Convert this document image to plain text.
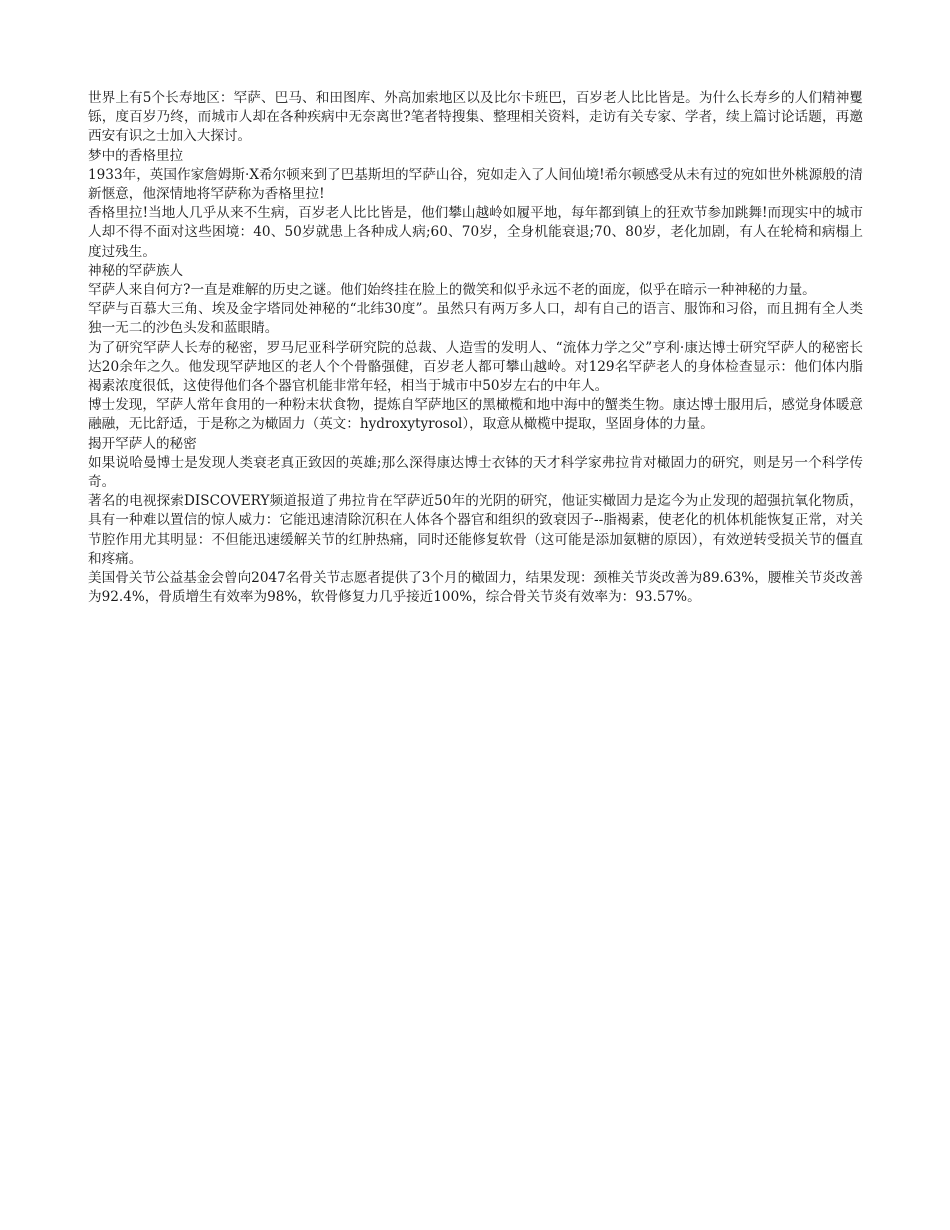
世界上有5个长寿地区：罕萨、巴马、和田图库、外高加索地区以及比尔卡班巴，百岁老人比比皆是。为什么长寿乡的人们精神矍铄，度百岁乃终，而城市人却在各种疾病中无奈离世?笔者特搜集、整理相关资料，走访有关专家、学者，续上篇讨论话题，再邀西安有识之士加入大探讨。

梦中的香格里拉

1933年，英国作家詹姆斯·X希尔顿来到了巴基斯坦的罕萨山谷，宛如走入了人间仙境!希尔顿感受从未有过的宛如世外桃源般的清新惬意，他深情地将罕萨称为香格里拉!

香格里拉!当地人几乎从来不生病，百岁老人比比皆是，他们攀山越岭如履平地，每年都到镇上的狂欢节参加跳舞!而现实中的城市人却不得不面对这些困境：40、50岁就患上各种成人病;60、70岁，全身机能衰退;70、80岁，老化加剧，有人在轮椅和病榻上度过残生。

神秘的罕萨族人

罕萨人来自何方?一直是难解的历史之谜。他们始终挂在脸上的微笑和似乎永远不老的面庞，似乎在暗示一种神秘的力量。

罕萨与百慕大三角、埃及金字塔同处神秘的“北纬30度”。虽然只有两万多人口，却有自己的语言、服饰和习俗，而且拥有全人类独一无二的沙色头发和蓝眼睛。

为了研究罕萨人长寿的秘密，罗马尼亚科学研究院的总裁、人造雪的发明人、“流体力学之父”亨利·康达博士研究罕萨人的秘密长达20余年之久。他发现罕萨地区的老人个个骨骼强健，百岁老人都可攀山越岭。对129名罕萨老人的身体检查显示：他们体内脂褐素浓度很低，这使得他们各个器官机能非常年轻，相当于城市中50岁左右的中年人。

博士发现，罕萨人常年食用的一种粉末状食物，提炼自罕萨地区的黑橄榄和地中海中的蟹类生物。康达博士服用后，感觉身体暖意融融，无比舒适，于是称之为橄固力（英文：hydroxytyrosol），取意从橄榄中提取，坚固身体的力量。

揭开罕萨人的秘密

如果说哈曼博士是发现人类衰老真正致因的英雄;那么深得康达博士衣钵的天才科学家弗拉肯对橄固力的研究，则是另一个科学传奇。

著名的电视探索DISCOVERY频道报道了弗拉肯在罕萨近50年的光阴的研究，他证实橄固力是迄今为止发现的超强抗氧化物质，具有一种难以置信的惊人威力：它能迅速清除沉积在人体各个器官和组织的致衰因子--脂褐素，使老化的机体机能恢复正常，对关节腔作用尤其明显：不但能迅速缓解关节的红肿热痛，同时还能修复软骨（这可能是添加氨糖的原因），有效逆转受损关节的僵直和疼痛。

美国骨关节公益基金会曾向2047名骨关节志愿者提供了3个月的橄固力，结果发现：颈椎关节炎改善为89.63%，腰椎关节炎改善为92.4%，骨质增生有效率为98%，软骨修复力几乎接近100%，综合骨关节炎有效率为：93.57%。
